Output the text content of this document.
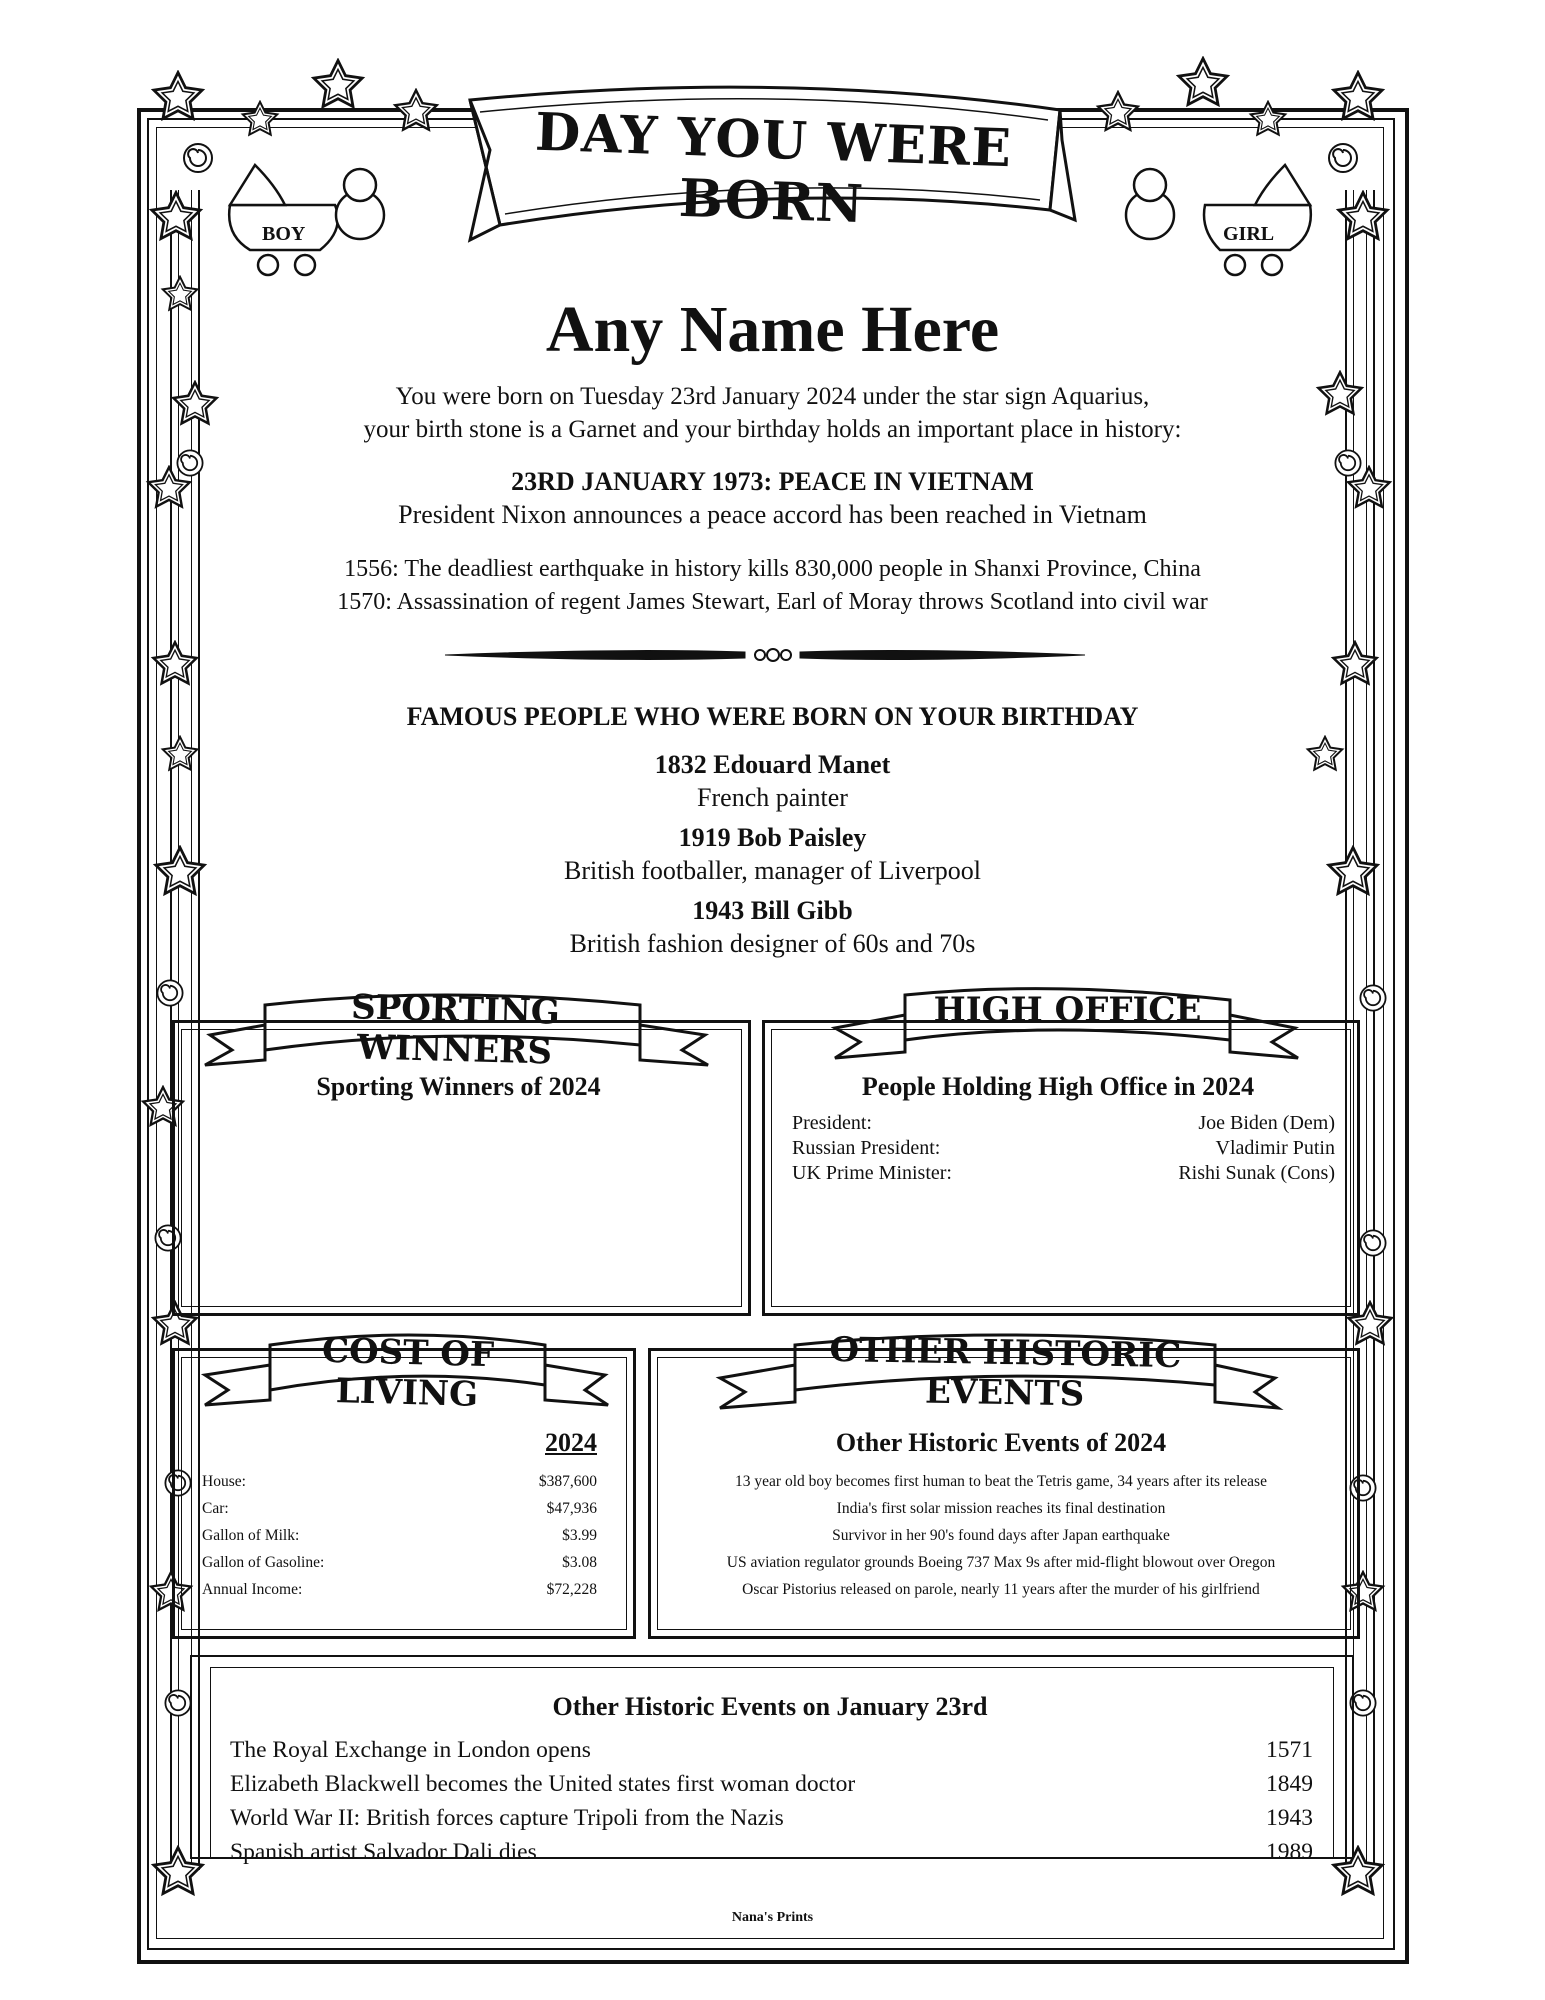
DAY YOU WERE BORN
BOY	GIRL
Any Name Here
You were born on Tuesday 23rd January 2024 under the star sign Aquarius,
your birth stone is a Garnet and your birthday holds an important place in history:
23RD JANUARY 1973: PEACE IN VIETNAM
President Nixon announces a peace accord has been reached in Vietnam
1556: The deadliest earthquake in history kills 830,000 people in Shanxi Province, China
1570: Assassination of regent James Stewart, Earl of Moray throws Scotland into civil war
FAMOUS PEOPLE WHO WERE BORN ON YOUR BIRTHDAY
1832 Edouard Manet
French painter
1919 Bob Paisley
British footballer, manager of Liverpool
1943 Bill Gibb
British fashion designer of 60s and 70s
SPORTING WINNERS
Sporting Winners of 2024
HIGH OFFICE
People Holding High Office in 2024
President:	Joe Biden (Dem)
Russian President:	Vladimir Putin
UK Prime Minister:	Rishi Sunak (Cons)
COST OF LIVING
2024
House:	$387,600
Car:	$47,936
Gallon of Milk:	$3.99
Gallon of Gasoline:	$3.08
Annual Income:	$72,228
OTHER HISTORIC EVENTS
Other Historic Events of 2024
13 year old boy becomes first human to beat the Tetris game, 34 years after its release
India's first solar mission reaches its final destination
Survivor in her 90's found days after Japan earthquake
US aviation regulator grounds Boeing 737 Max 9s after mid-flight blowout over Oregon
Oscar Pistorius released on parole, nearly 11 years after the murder of his girlfriend
Other Historic Events on January 23rd
The Royal Exchange in London opens	1571
Elizabeth Blackwell becomes the United states first woman doctor	1849
World War II: British forces capture Tripoli from the Nazis	1943
Spanish artist Salvador Dali dies	1989
Nana's Prints
